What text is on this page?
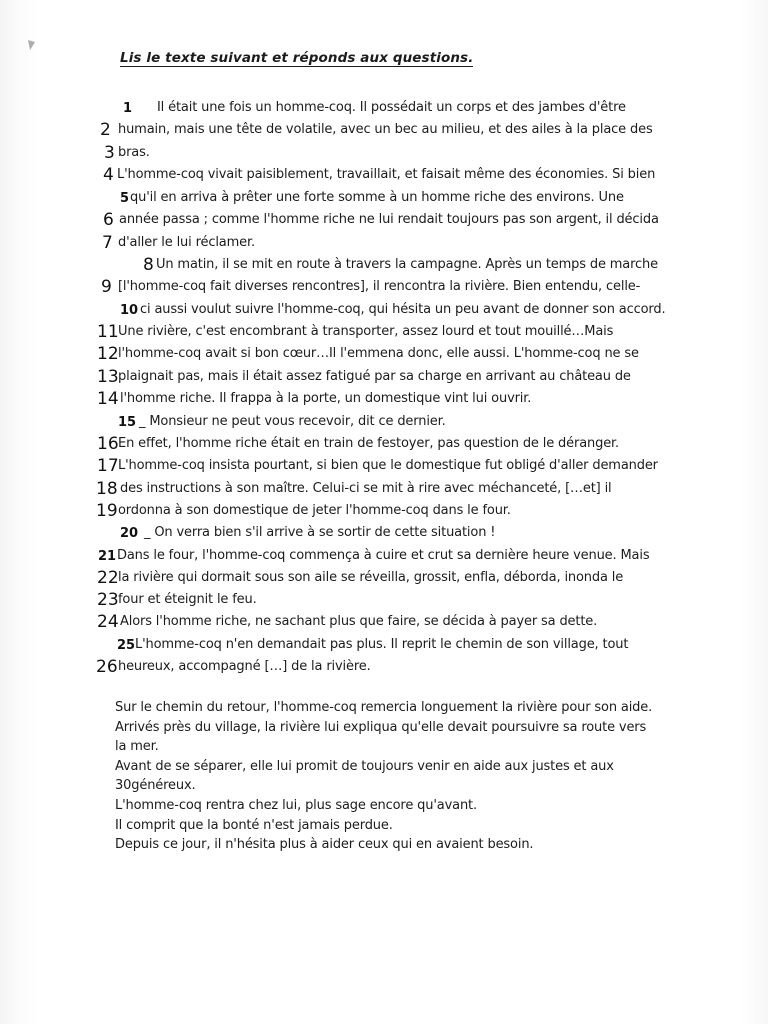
Lis le texte suivant et réponds aux questions.
1 Il était une fois un homme-coq. Il possédait un corps et des jambes d'être
2 humain, mais une tête de volatile, avec un bec au milieu, et des ailes à la place des
3 bras.
4 L'homme-coq vivait paisiblement, travaillait, et faisait même des économies. Si bien
5 qu'il en arriva à prêter une forte somme à un homme riche des environs. Une
6 année passa ; comme l'homme riche ne lui rendait toujours pas son argent, il décida
7 d'aller le lui réclamer.
8 Un matin, il se mit en route à travers la campagne. Après un temps de marche
9 [l'homme-coq fait diverses rencontres], il rencontra la rivière. Bien entendu, celle-
10 ci aussi voulut suivre l'homme-coq, qui hésita un peu avant de donner son accord.
11 Une rivière, c'est encombrant à transporter, assez lourd et tout mouillé…Mais
12 l'homme-coq avait si bon cœur…Il l'emmena donc, elle aussi. L'homme-coq ne se
13 plaignait pas, mais il était assez fatigué par sa charge en arrivant au château de
14 l'homme riche. Il frappa à la porte, un domestique vint lui ouvrir.
15 _ Monsieur ne peut vous recevoir, dit ce dernier.
16 En effet, l'homme riche était en train de festoyer, pas question de le déranger.
17 L'homme-coq insista pourtant, si bien que le domestique fut obligé d'aller demander
18 des instructions à son maître. Celui-ci se mit à rire avec méchanceté, […et] il
19 ordonna à son domestique de jeter l'homme-coq dans le four.
20 _ On verra bien s'il arrive à se sortir de cette situation !
21 Dans le four, l'homme-coq commença à cuire et crut sa dernière heure venue. Mais
22 la rivière qui dormait sous son aile se réveilla, grossit, enfla, déborda, inonda le
23 four et éteignit le feu.
24 Alors l'homme riche, ne sachant plus que faire, se décida à payer sa dette.
25 L'homme-coq n'en demandait pas plus. Il reprit le chemin de son village, tout
26 heureux, accompagné […] de la rivière.
Sur le chemin du retour, l'homme-coq remercia longuement la rivière pour son aide.
Arrivés près du village, la rivière lui expliqua qu'elle devait poursuivre sa route vers
la mer.
Avant de se séparer, elle lui promit de toujours venir en aide aux justes et aux
30généreux.
L'homme-coq rentra chez lui, plus sage encore qu'avant.
Il comprit que la bonté n'est jamais perdue.
Depuis ce jour, il n'hésita plus à aider ceux qui en avaient besoin.
